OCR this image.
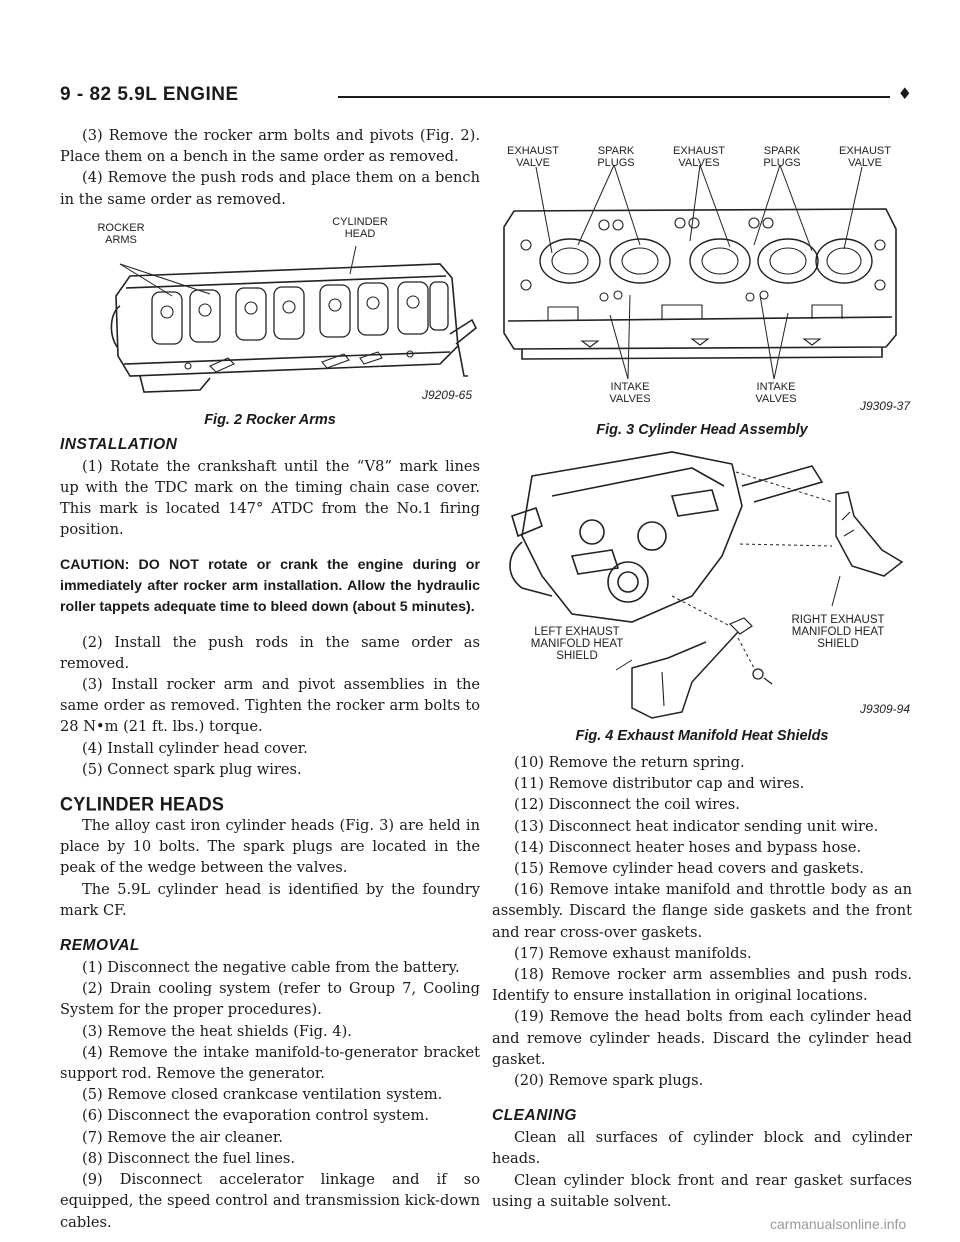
9 - 82 5.9L ENGINE	♦

(3) Remove the rocker arm bolts and pivots (Fig. 2). Place them on a bench in the same order as removed.

(4) Remove the push rods and place them on a bench in the same order as removed.

ROCKER ARMS
CYLINDER HEAD
J9209-65
Fig. 2 Rocker Arms
INSTALLATION

(1) Rotate the crankshaft until the “V8” mark lines up with the TDC mark on the timing chain case cover. This mark is located 147° ATDC from the No.1 firing position.

CAUTION: DO NOT rotate or crank the engine during or immediately after rocker arm installation. Allow the hydraulic roller tappets adequate time to bleed down (about 5 minutes).

(2) Install the push rods in the same order as removed.

(3) Install rocker arm and pivot assemblies in the same order as removed. Tighten the rocker arm bolts to 28 N•m (21 ft. lbs.) torque.

(4) Install cylinder head cover.

(5) Connect spark plug wires.

CYLINDER HEADS

The alloy cast iron cylinder heads (Fig. 3) are held in place by 10 bolts. The spark plugs are located in the peak of the wedge between the valves.

The 5.9L cylinder head is identified by the foundry mark CF.

REMOVAL

(1) Disconnect the negative cable from the battery.

(2) Drain cooling system (refer to Group 7, Cooling System for the proper procedures).

(3) Remove the heat shields (Fig. 4).

(4) Remove the intake manifold-to-generator bracket support rod. Remove the generator.

(5) Remove closed crankcase ventilation system.

(6) Disconnect the evaporation control system.

(7) Remove the air cleaner.

(8) Disconnect the fuel lines.

(9) Disconnect accelerator linkage and if so equipped, the speed control and transmission kick-down cables.

EXHAUST VALVE
SPARK PLUGS
EXHAUST VALVES
SPARK PLUGS
EXHAUST VALVE
INTAKE VALVES
INTAKE VALVES	J9309-37
Fig. 3 Cylinder Head Assembly
LEFT EXHAUST MANIFOLD HEAT SHIELD
RIGHT EXHAUST MANIFOLD HEAT SHIELD
J9309-94
Fig. 4 Exhaust Manifold Heat Shields

(10) Remove the return spring.

(11) Remove distributor cap and wires.

(12) Disconnect the coil wires.

(13) Disconnect heat indicator sending unit wire.

(14) Disconnect heater hoses and bypass hose.

(15) Remove cylinder head covers and gaskets.

(16) Remove intake manifold and throttle body as an assembly. Discard the flange side gaskets and the front and rear cross-over gaskets.

(17) Remove exhaust manifolds.

(18) Remove rocker arm assemblies and push rods. Identify to ensure installation in original locations.

(19) Remove the head bolts from each cylinder head and remove cylinder heads. Discard the cylinder head gasket.

(20) Remove spark plugs.

CLEANING

Clean all surfaces of cylinder block and cylinder heads.

Clean cylinder block front and rear gasket surfaces using a suitable solvent.

carmanualsonline.info
